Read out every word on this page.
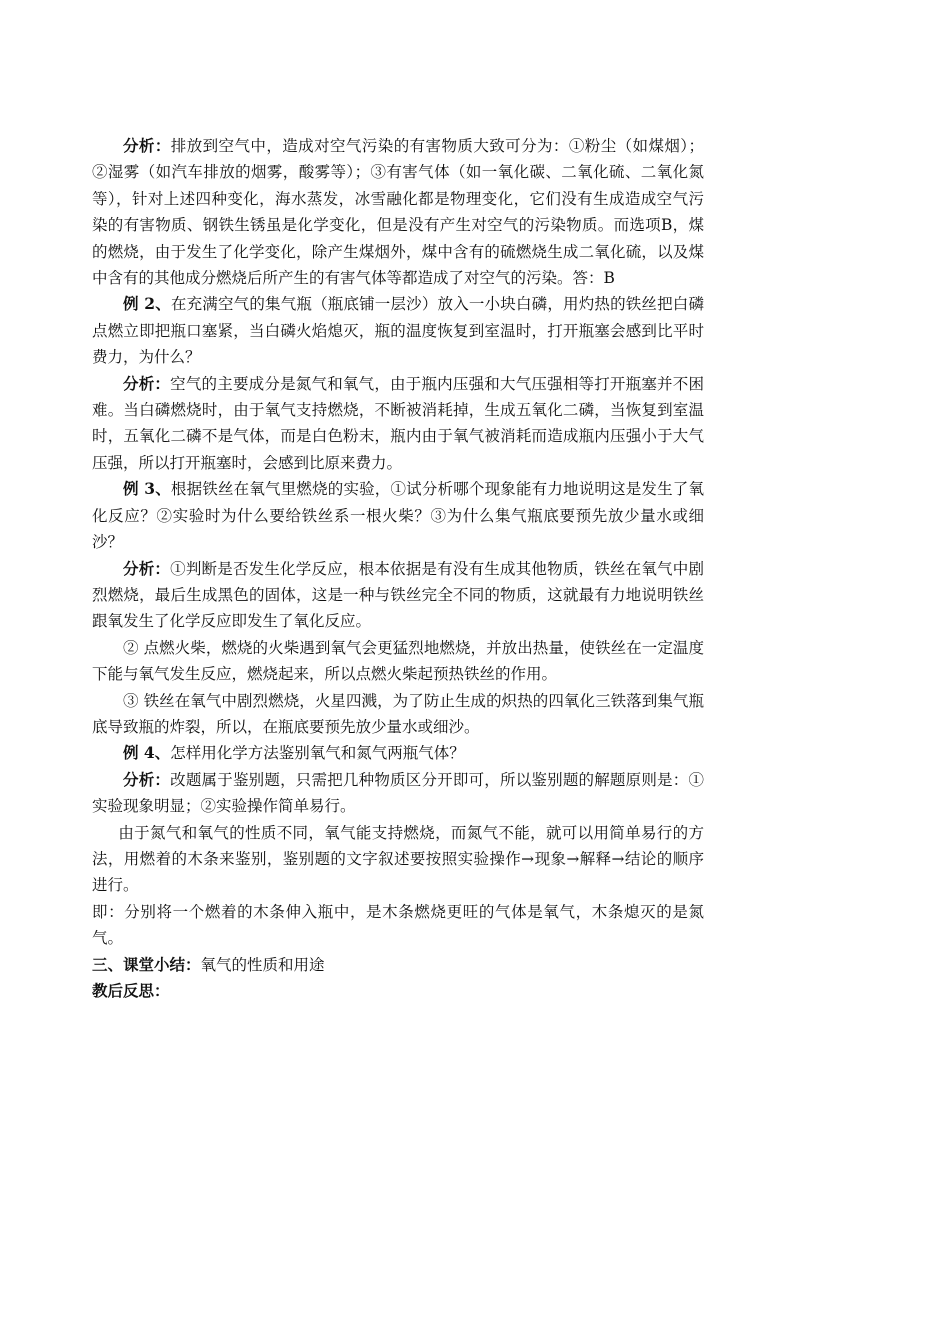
分析：排放到空气中，造成对空气污染的有害物质大致可分为：①粉尘（如煤烟）；②湿雾（如汽车排放的烟雾，酸雾等）；③有害气体（如一氧化碳、二氧化硫、二氧化氮等），针对上述四种变化，海水蒸发，冰雪融化都是物理变化，它们没有生成造成空气污染的有害物质、钢铁生锈虽是化学变化，但是没有产生对空气的污染物质。而选项B，煤的燃烧，由于发生了化学变化，除产生煤烟外，煤中含有的硫燃烧生成二氧化硫，以及煤中含有的其他成分燃烧后所产生的有害气体等都造成了对空气的污染。答：B

例 2、在充满空气的集气瓶（瓶底铺一层沙）放入一小块白磷，用灼热的铁丝把白磷点燃立即把瓶口塞紧，当白磷火焰熄灭，瓶的温度恢复到室温时，打开瓶塞会感到比平时费力，为什么？

分析：空气的主要成分是氮气和氧气，由于瓶内压强和大气压强相等打开瓶塞并不困难。当白磷燃烧时，由于氧气支持燃烧，不断被消耗掉，生成五氧化二磷，当恢复到室温时，五氧化二磷不是气体，而是白色粉末，瓶内由于氧气被消耗而造成瓶内压强小于大气压强，所以打开瓶塞时，会感到比原来费力。

例 3、根据铁丝在氧气里燃烧的实验，①试分析哪个现象能有力地说明这是发生了氧化反应？②实验时为什么要给铁丝系一根火柴？③为什么集气瓶底要预先放少量水或细沙？

分析：①判断是否发生化学反应，根本依据是有没有生成其他物质，铁丝在氧气中剧烈燃烧，最后生成黑色的固体，这是一种与铁丝完全不同的物质，这就最有力地说明铁丝跟氧发生了化学反应即发生了氧化反应。

② 点燃火柴，燃烧的火柴遇到氧气会更猛烈地燃烧，并放出热量，使铁丝在一定温度下能与氧气发生反应，燃烧起来，所以点燃火柴起预热铁丝的作用。

③ 铁丝在氧气中剧烈燃烧，火星四溅，为了防止生成的炽热的四氧化三铁落到集气瓶底导致瓶的炸裂，所以，在瓶底要预先放少量水或细沙。

例 4、怎样用化学方法鉴别氧气和氮气两瓶气体？

分析：改题属于鉴别题，只需把几种物质区分开即可，所以鉴别题的解题原则是：①实验现象明显；②实验操作简单易行。

由于氮气和氧气的性质不同，氧气能支持燃烧，而氮气不能，就可以用简单易行的方法，用燃着的木条来鉴别，鉴别题的文字叙述要按照实验操作→现象→解释→结论的顺序进行。

即：分别将一个燃着的木条伸入瓶中，是木条燃烧更旺的气体是氧气，木条熄灭的是氮气。

三、课堂小结：氧气的性质和用途

教后反思：
